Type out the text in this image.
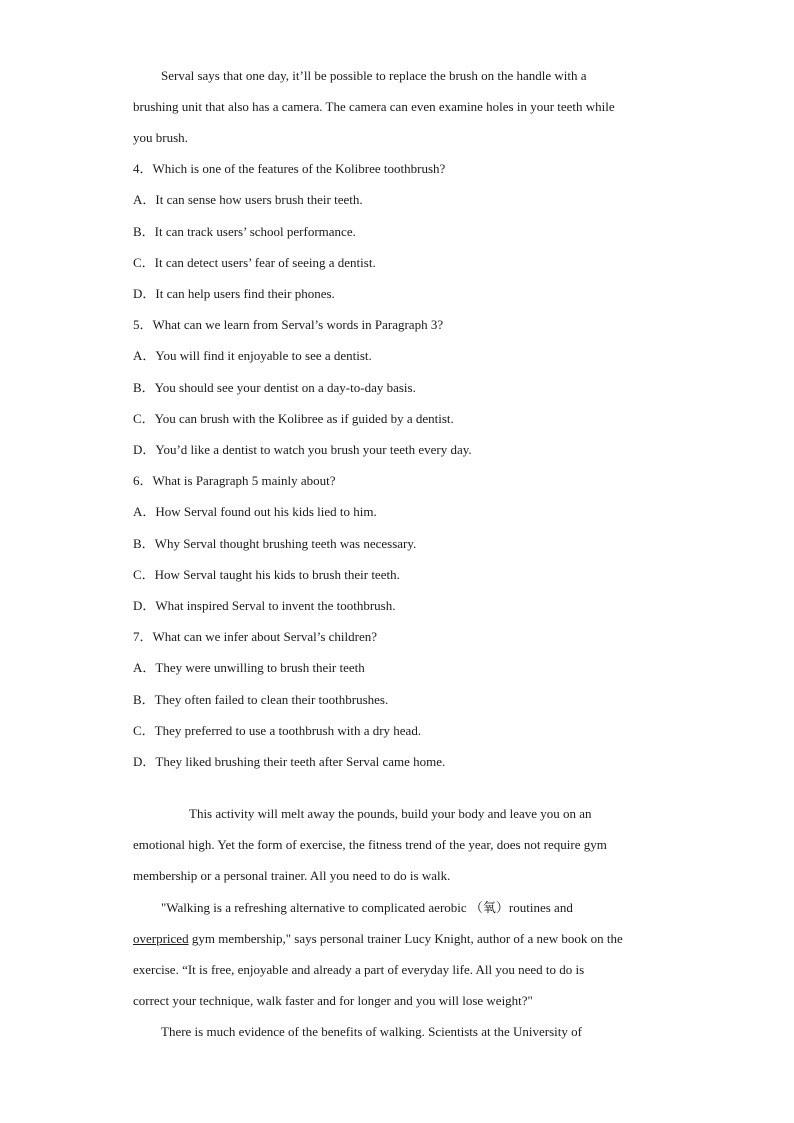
Serval says that one day, it’ll be possible to replace the brush on the handle with a
brushing unit that also has a camera. The camera can even examine holes in your teeth while
you brush.
4．Which is one of the features of the Kolibree toothbrush?
A．It can sense how users brush their teeth.
B．It can track users’ school performance.
C．It can detect users’ fear of seeing a dentist.
D．It can help users find their phones.
5．What can we learn from Serval’s words in Paragraph 3?
A．You will find it enjoyable to see a dentist.
B．You should see your dentist on a day-to-day basis.
C．You can brush with the Kolibree as if guided by a dentist.
D．You’d like a dentist to watch you brush your teeth every day.
6．What is Paragraph 5 mainly about?
A．How Serval found out his kids lied to him.
B．Why Serval thought brushing teeth was necessary.
C．How Serval taught his kids to brush their teeth.
D．What inspired Serval to invent the toothbrush.
7．What can we infer about Serval’s children?
A．They were unwilling to brush their teeth
B．They often failed to clean their toothbrushes.
C．They preferred to use a toothbrush with a dry head.
D．They liked brushing their teeth after Serval came home.
This activity will melt away the pounds, build your body and leave you on an
emotional high. Yet the form of exercise, the fitness trend of the year, does not require gym
membership or a personal trainer. All you need to do is walk.
"Walking is a refreshing alternative to complicated aerobic （氧）routines and
overpriced gym membership," says personal trainer Lucy Knight, author of a new book on the
exercise. “It is free, enjoyable and already a part of everyday life. All you need to do is
correct your technique, walk faster and for longer and you will lose weight?"
There is much evidence of the benefits of walking. Scientists at the University of
